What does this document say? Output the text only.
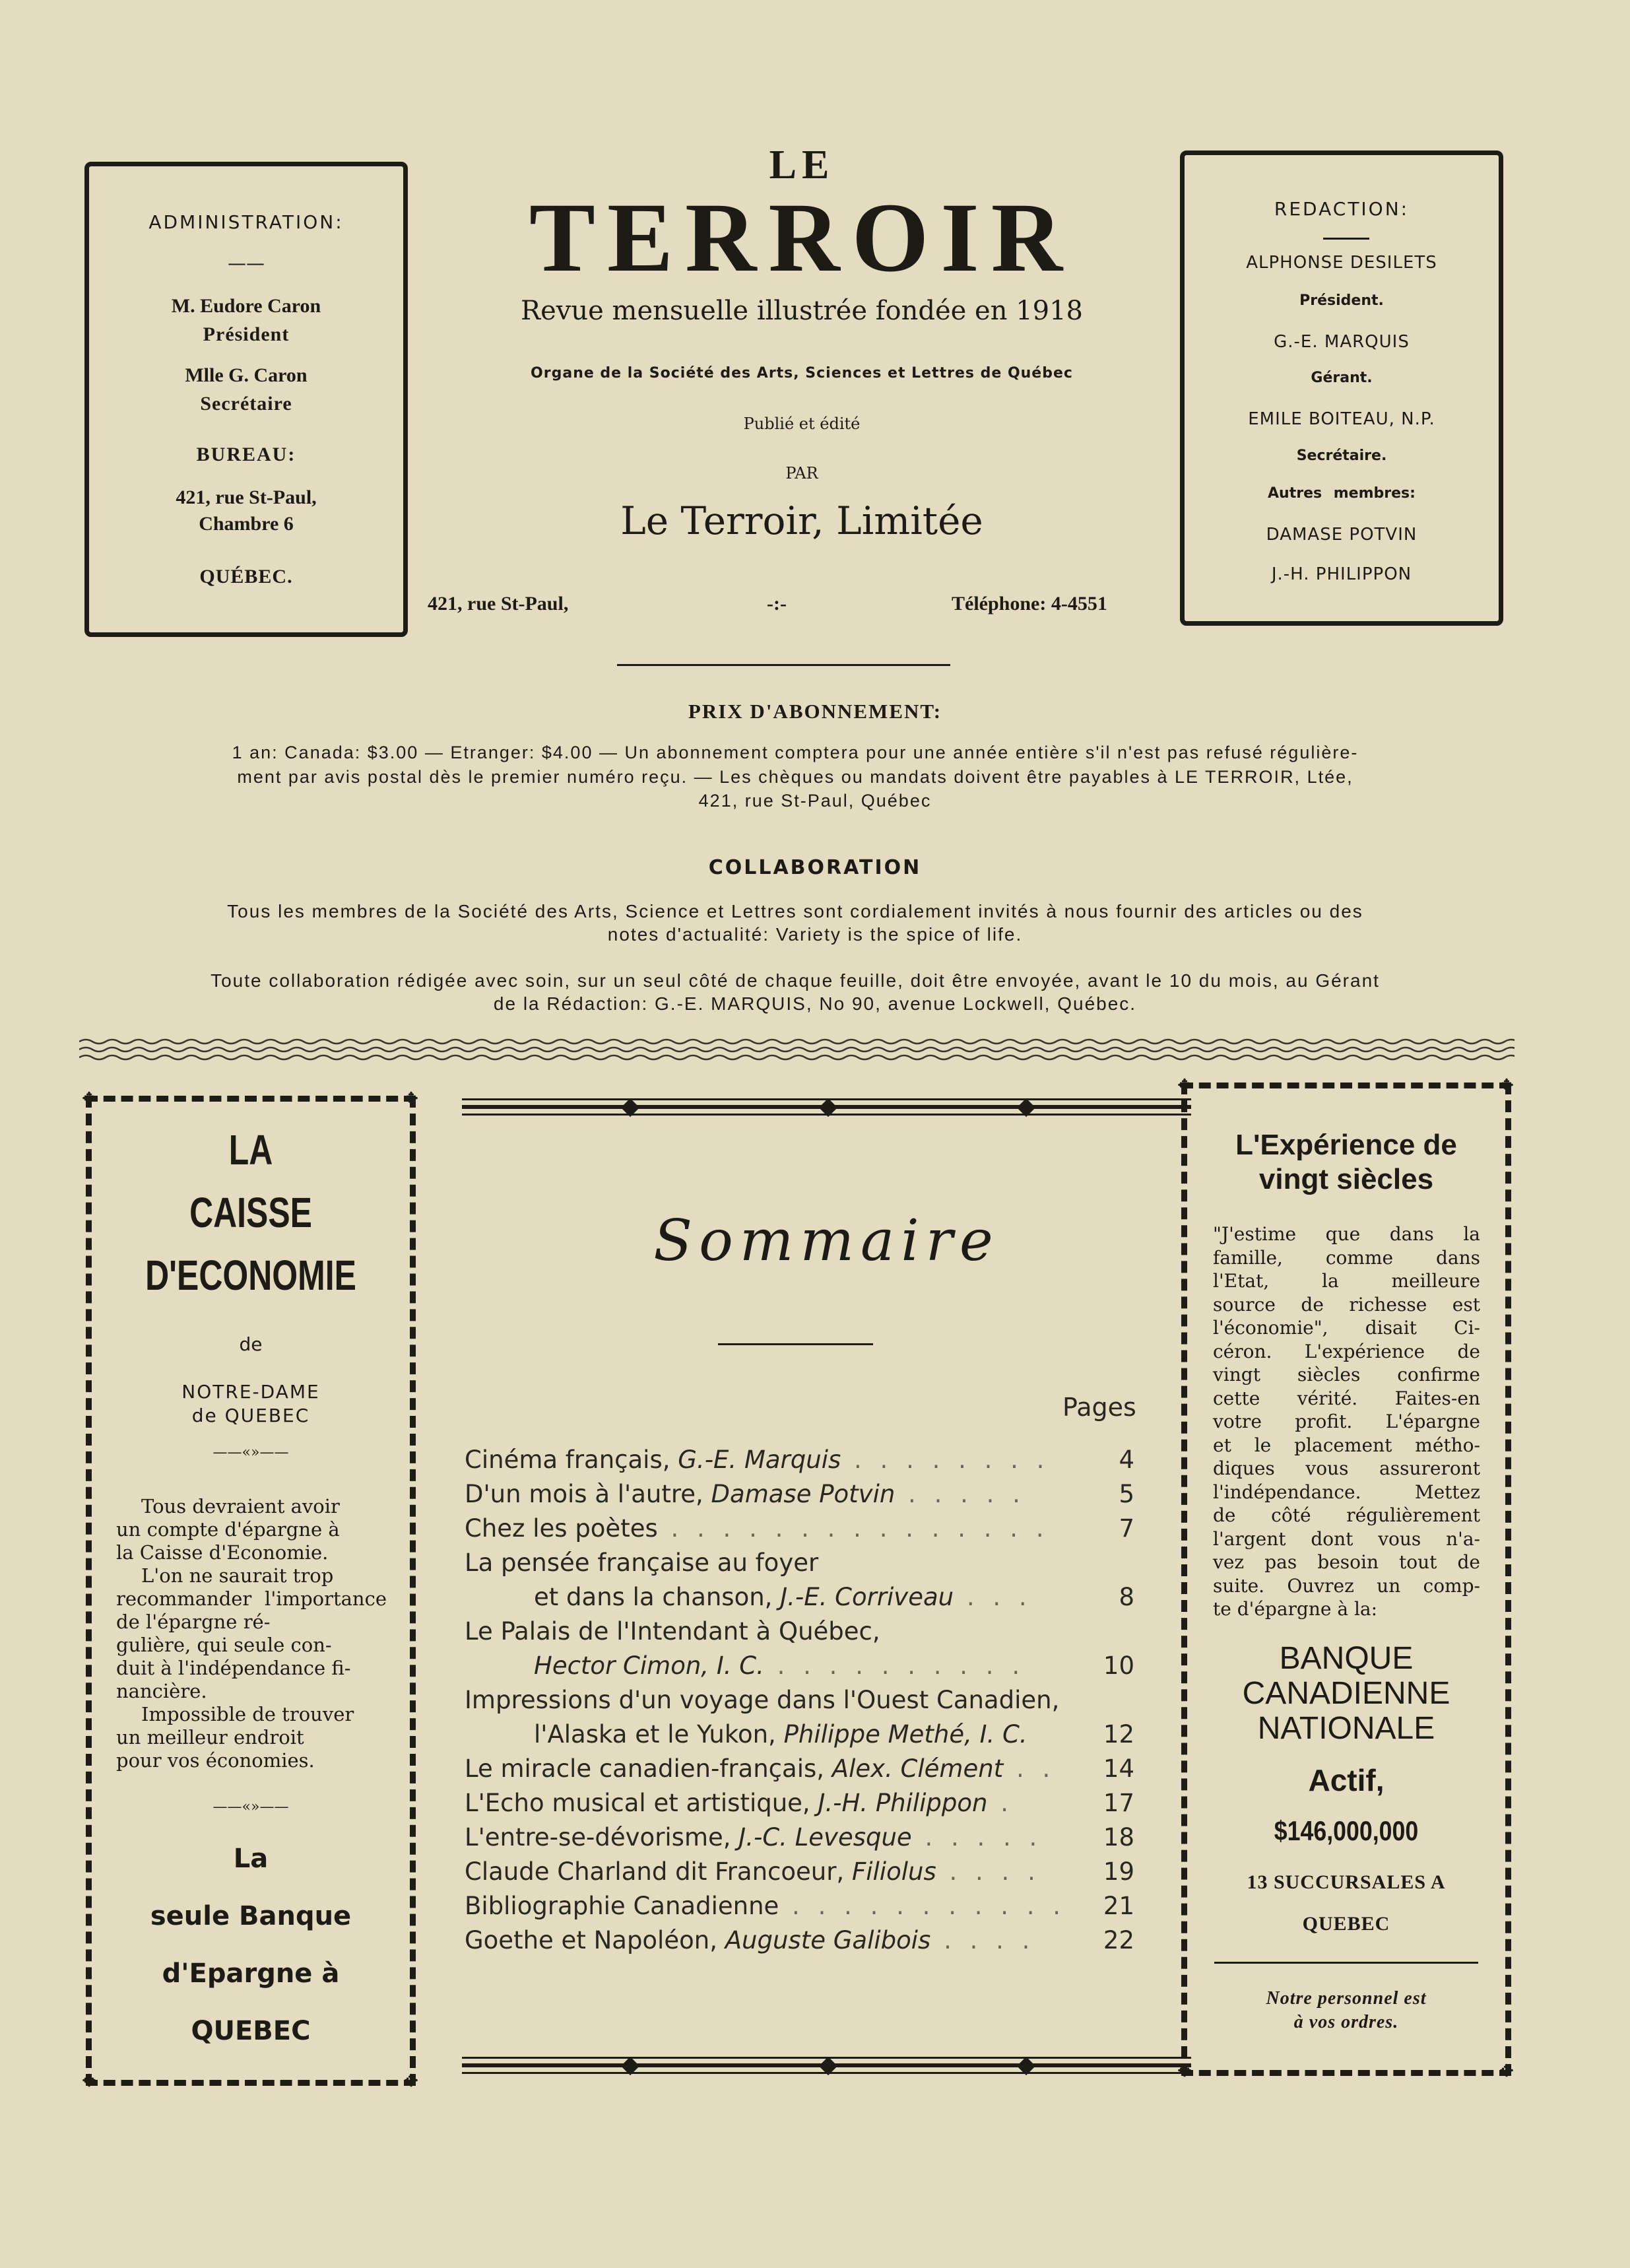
ADMINISTRATION:
——
M. Eudore Caron
Président
Mlle G. Caron
Secrétaire
BUREAU:
421, rue St-Paul,
Chambre 6
QUÉBEC.
LE
TERROIR
Revue mensuelle illustrée fondée en 1918
Organe de la Société des Arts, Sciences et Lettres de Québec
Publié et édité
PAR
Le Terroir, Limitée
421, rue St-Paul,	-:-	Téléphone: 4-4551
REDACTION:
ALPHONSE DESILETS
Président.
G.-E. MARQUIS
Gérant.
EMILE BOITEAU, N.P.
Secrétaire.
Autres membres:
DAMASE POTVIN
J.-H. PHILIPPON
PRIX D'ABONNEMENT:
1 an: Canada: $3.00 — Etranger: $4.00 — Un abonnement comptera pour une année entière s'il n'est pas refusé régulière-
ment par avis postal dès le premier numéro reçu. — Les chèques ou mandats doivent être payables à LE TERROIR, Ltée,
421, rue St-Paul, Québec
COLLABORATION
Tous les membres de la Société des Arts, Science et Lettres sont cordialement invités à nous fournir des articles ou des
notes d'actualité: Variety is the spice of life.
Toute collaboration rédigée avec soin, sur un seul côté de chaque feuille, doit être envoyée, avant le 10 du mois, au Gérant
de la Rédaction: G.-E. MARQUIS, No 90, avenue Lockwell, Québec.
✥	✥
✥	✥
LA
CAISSE
D'ECONOMIE
de
NOTRE-DAME
de QUEBEC
——«»——
Tous devraient avoir
un compte d'épargne à
la Caisse d'Economie.
L'on ne saurait trop
recommander l'importance de l'épargne ré-
gulière, qui seule con-
duit à l'indépendance fi-
nancière.
Impossible de trouver
un meilleur endroit
pour vos économies.
——«»——
La
seule Banque
d'Epargne à
QUEBEC
Sommaire
Pages
Cinéma français, G.-E. Marquis . . . . . . . .	4
D'un mois à l'autre, Damase Potvin . . . . .	5
Chez les poètes . . . . . . . . . . . . . . .	7
La pensée française au foyer
et dans la chanson, J.-E. Corriveau . . .	8
Le Palais de l'Intendant à Québec,
Hector Cimon, I. C. . . . . . . . . . .	10
Impressions d'un voyage dans l'Ouest Canadien,
l'Alaska et le Yukon, Philippe Methé, I. C.	12
Le miracle canadien-français, Alex. Clément . .	14
L'Echo musical et artistique, J.-H. Philippon .	17
L'entre-se-dévorisme, J.-C. Levesque . . . . .	18
Claude Charland dit Francoeur, Filiolus . . . .	19
Bibliographie Canadienne . . . . . . . . . . .	21
Goethe et Napoléon, Auguste Galibois . . . .	22
✥	✥
✥	✥
L'Expérience de
vingt siècles
"J'estime que dans la
famille, comme dans
l'Etat, la meilleure
source de richesse est
l'économie", disait Ci-
céron. L'expérience de
vingt siècles confirme
cette vérité. Faites-en
votre profit. L'épargne
et le placement métho-
diques vous assureront
l'indépendance. Mettez
de côté régulièrement
l'argent dont vous n'a-
vez pas besoin tout de
suite. Ouvrez un comp-
te d'épargne à la:
BANQUE
CANADIENNE
NATIONALE
Actif,
$146,000,000
13 SUCCURSALES A
QUEBEC
Notre personnel est
à vos ordres.
